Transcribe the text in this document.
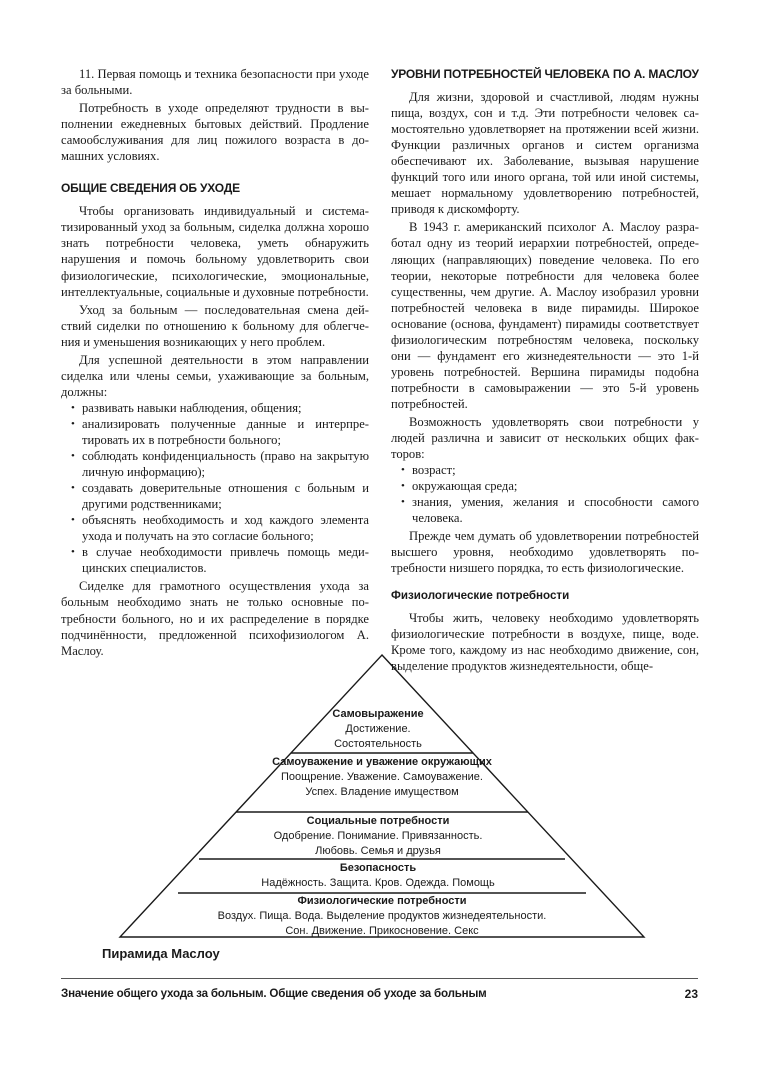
11. Первая помощь и техника безопасности при уходе за больными.

Потребность в уходе определяют трудности в выполнении ежедневных бытовых действий. Продление самообслуживания для лиц пожилого возраста в домашних условиях.

ОБЩИЕ СВЕДЕНИЯ ОБ УХОДЕ

Чтобы организовать индивидуальный и систематизированный уход за больным, сиделка должна хорошо знать потребности человека, уметь обнаружить нарушения и помочь больному удовлетворить свои физиологические, психологические, эмоциональные, интеллектуальные, социальные и духовные потребности.

Уход за больным — последовательная смена действий сиделки по отношению к больному для облегчения и уменьшения возникающих у него проблем.

Для успешной деятельности в этом направлении сиделка или члены семьи, ухаживающие за больным, должны:

• развивать навыки наблюдения, общения;
• анализировать полученные данные и интерпретировать их в потребности больного;
• соблюдать конфиденциальность (право на закрытую личную информацию);
• создавать доверительные отношения с больным и другими родственниками;
• объяснять необходимость и ход каждого элемента ухода и получать на это согласие больного;
• в случае необходимости привлечь помощь медицинских специалистов.

Сиделке для грамотного осуществления ухода за больным необходимо знать не только основные потребности больного, но и их распределение в порядке подчинённости, предложенной психофизиологом А. Маслоу.

УРОВНИ ПОТРЕБНОСТЕЙ ЧЕЛОВЕКА ПО А. МАСЛОУ

Для жизни, здоровой и счастливой, людям нужны пища, воздух, сон и т.д. Эти потребности человек самостоятельно удовлетворяет на протяжении всей жизни. Функции различных органов и систем организма обеспечивают их. Заболевание, вызывая нарушение функций того или иного органа, той или иной системы, мешает нормальному удовлетворению потребностей, приводя к дискомфорту.

В 1943 г. американский психолог А. Маслоу разработал одну из теорий иерархии потребностей, определяющих (направляющих) поведение человека. По его теории, некоторые потребности для человека более существенны, чем другие. А. Маслоу изобразил уровни потребностей человека в виде пирамиды. Широкое основание (основа, фундамент) пирамиды соответствует физиологическим потребностям человека, поскольку они — фундамент его жизнедеятельности — это 1-й уровень потребностей. Вершина пирамиды подобна потребности в самовыражении — это 5-й уровень потребностей.

Возможность удовлетворять свои потребности у людей различна и зависит от нескольких общих факторов:

• возраст;
• окружающая среда;
• знания, умения, желания и способности самого человека.

Прежде чем думать об удовлетворении потребностей высшего уровня, необходимо удовлетворять потребности низшего порядка, то есть физиологические.

Физиологические потребности

Чтобы жить, человеку необходимо удовлетворять физиологические потребности в воздухе, пище, воде. Кроме того, каждому из нас необходимо движение, сон, выделение продуктов жизнедеятельности, обще-

Самовыражение
Достижение.
Состоятельность
Самоуважение и уважение окружающих
Поощрение. Уважение. Самоуважение.
Успех. Владение имуществом
Социальные потребности
Одобрение. Понимание. Привязанность.
Любовь. Семья и друзья
Безопасность
Надёжность. Защита. Кров. Одежда. Помощь
Физиологические потребности
Воздух. Пища. Вода. Выделение продуктов жизнедеятельности.
Сон. Движение. Прикосновение. Секс
Пирамида Маслоу
Значение общего ухода за больным. Общие сведения об уходе за больным	23
